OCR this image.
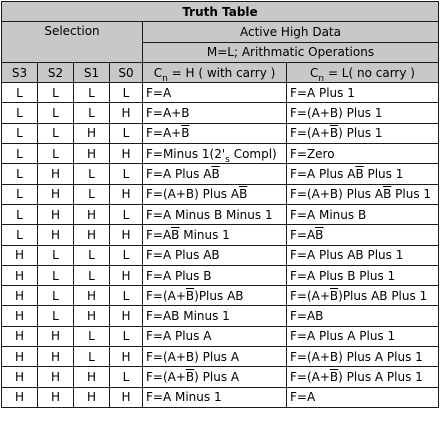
Truth Table					
Selection				Active High Data	
				M=L; Arithmatic Operations	
S3	S2	S1	S0	$C_n = H$ ( with carry )	$C_n = L$( no carry )
L	L	L	L	F=A	F=A Plus 1
L	L	L	H	F=A+B	F=(A+B) Plus 1
L	L	H	L	$F=A+\overline{B}$	$F=(A+\overline{B})$ Plus 1
L	L	H	H	F=Minus $1(2'_s$ Compl)	F=Zero
L	H	L	L	F=A Plus $A\overline{B}$	F=A Plus $A\overline{B}$ Plus 1
L	H	L	H	F=(A+B) Plus $A\overline{B}$	F=(A+B) Plus $A\overline{B}$ Plus 1
L	H	H	L	F=A Minus B Minus 1	F=A Minus B
L	H	H	H	$F=A\overline{B}$ Minus 1	$F=A\overline{B}$
H	L	L	L	F=A Plus AB	F=A Plus AB Plus 1
H	L	L	H	F=A Plus B	F=A Plus B Plus 1
H	L	H	L	$F=(A+\overline{B})Plus$ AB	$F=(A+\overline{B})Plus$ AB Plus 1
H	L	H	H	F=AB Minus 1	F=AB
H	H	L	L	F=A Plus A	F=A Plus A Plus 1
H	H	L	H	F=(A+B) Plus A	F=(A+B) Plus A Plus 1
H	H	H	L	$F=(A+\overline{B})$ Plus A	$F=(A+\overline{B})$ Plus A Plus 1
H	H	H	H	F=A Minus 1	F=A
